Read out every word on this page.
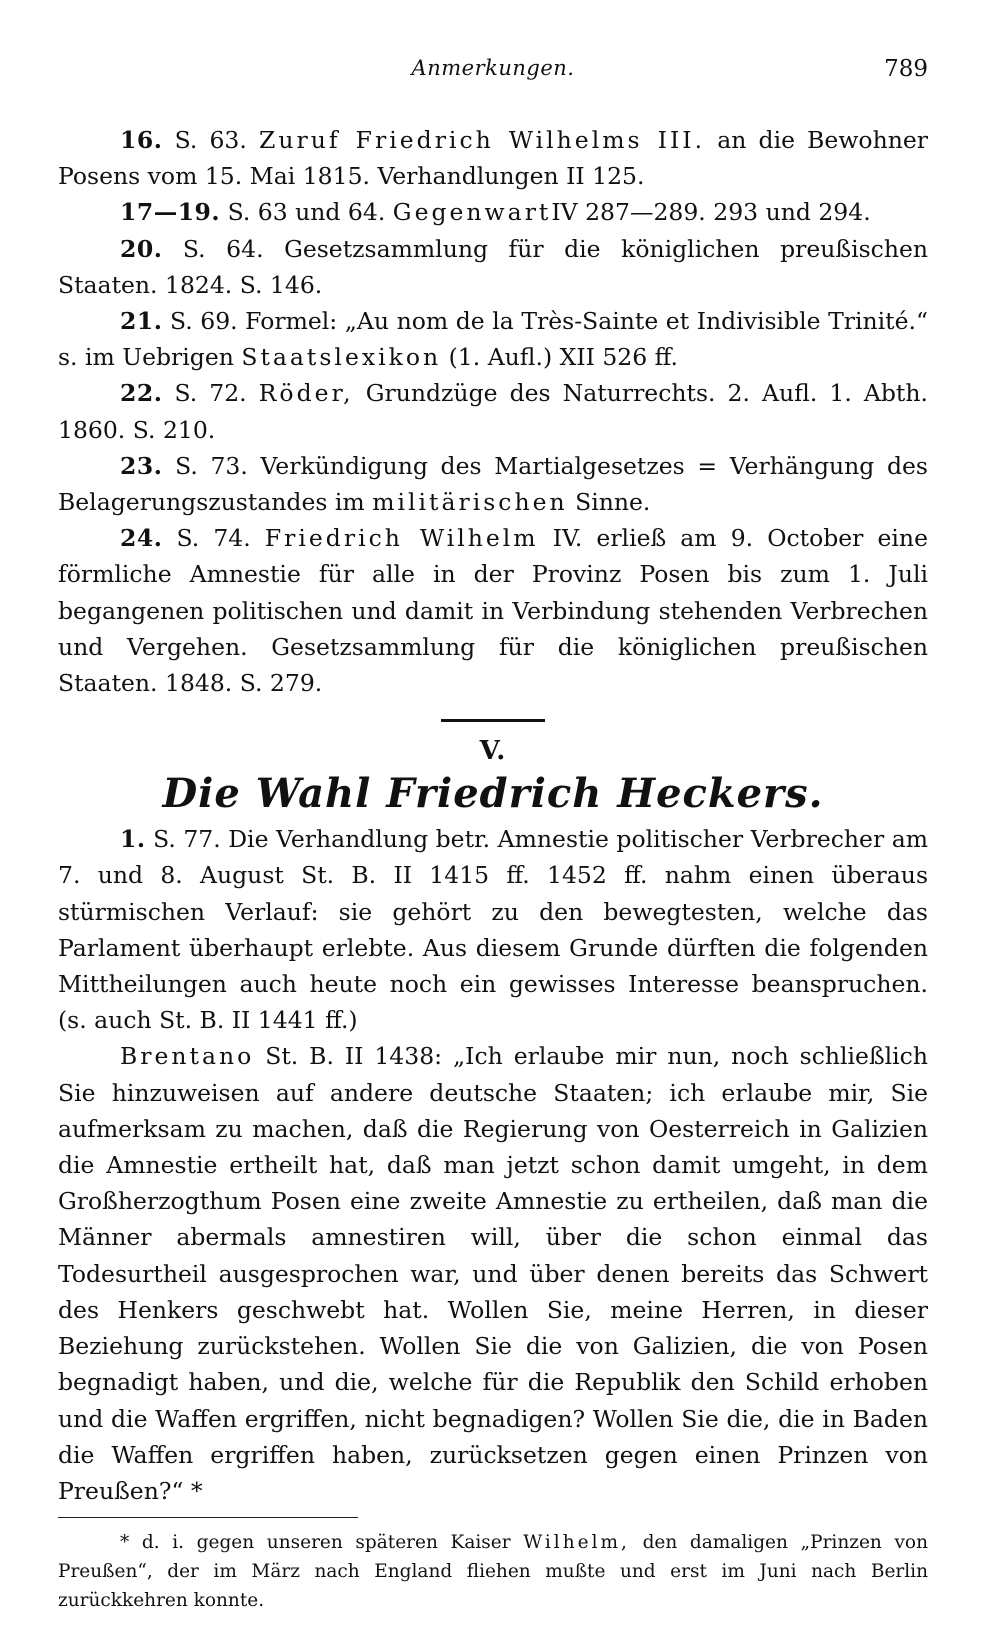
Anmerkungen.	789

16. S. 63. Zuruf Friedrich Wilhelms III. an die Bewohner Posens vom 15. Mai 1815. Verhandlungen II 125.

17—19. S. 63 und 64. GegenwartIV 287—289. 293 und 294.

20. S. 64. Gesetzsammlung für die königlichen preußischen Staaten. 1824. S. 146.

21. S. 69. Formel: „Au nom de la Très-Sainte et Indivisible Trinité.“ s. im Uebrigen Staatslexikon (1. Aufl.) XII 526 ff.

22. S. 72. Röder, Grundzüge des Naturrechts. 2. Aufl. 1. Abth. 1860. S. 210.

23. S. 73. Verkündigung des Martialgesetzes = Verhängung des Belagerungszustandes im militärischen Sinne.

24. S. 74. Friedrich Wilhelm IV. erließ am 9. October eine förmliche Amnestie für alle in der Provinz Posen bis zum 1. Juli begangenen politischen und damit in Verbindung stehenden Verbrechen und Vergehen. Gesetzsammlung für die königlichen preußischen Staaten. 1848. S. 279.

V.
Die Wahl Friedrich Heckers.

1. S. 77. Die Verhandlung betr. Amnestie politischer Verbrecher am 7. und 8. August St. B. II 1415 ff. 1452 ff. nahm einen überaus stürmischen Verlauf: sie gehört zu den bewegtesten, welche das Parlament überhaupt erlebte. Aus diesem Grunde dürften die folgenden Mittheilungen auch heute noch ein gewisses Interesse beanspruchen. (s. auch St. B. II 1441 ff.)

Brentano St. B. II 1438: „Ich erlaube mir nun, noch schließlich Sie hinzuweisen auf andere deutsche Staaten; ich erlaube mir, Sie aufmerksam zu machen, daß die Regierung von Oesterreich in Galizien die Amnestie ertheilt hat, daß man jetzt schon damit umgeht, in dem Großherzogthum Posen eine zweite Amnestie zu ertheilen, daß man die Männer abermals amnestiren will, über die schon einmal das Todesurtheil ausgesprochen war, und über denen bereits das Schwert des Henkers geschwebt hat. Wollen Sie, meine Herren, in dieser Beziehung zurückstehen. Wollen Sie die von Galizien, die von Posen begnadigt haben, und die, welche für die Republik den Schild erhoben und die Waffen ergriffen, nicht begnadigen? Wollen Sie die, die in Baden die Waffen ergriffen haben, zurücksetzen gegen einen Prinzen von Preußen?“ *

* d. i. gegen unseren späteren Kaiser Wilhelm, den damaligen „Prinzen von Preußen“, der im März nach England fliehen mußte und erst im Juni nach Berlin zurückkehren konnte.
